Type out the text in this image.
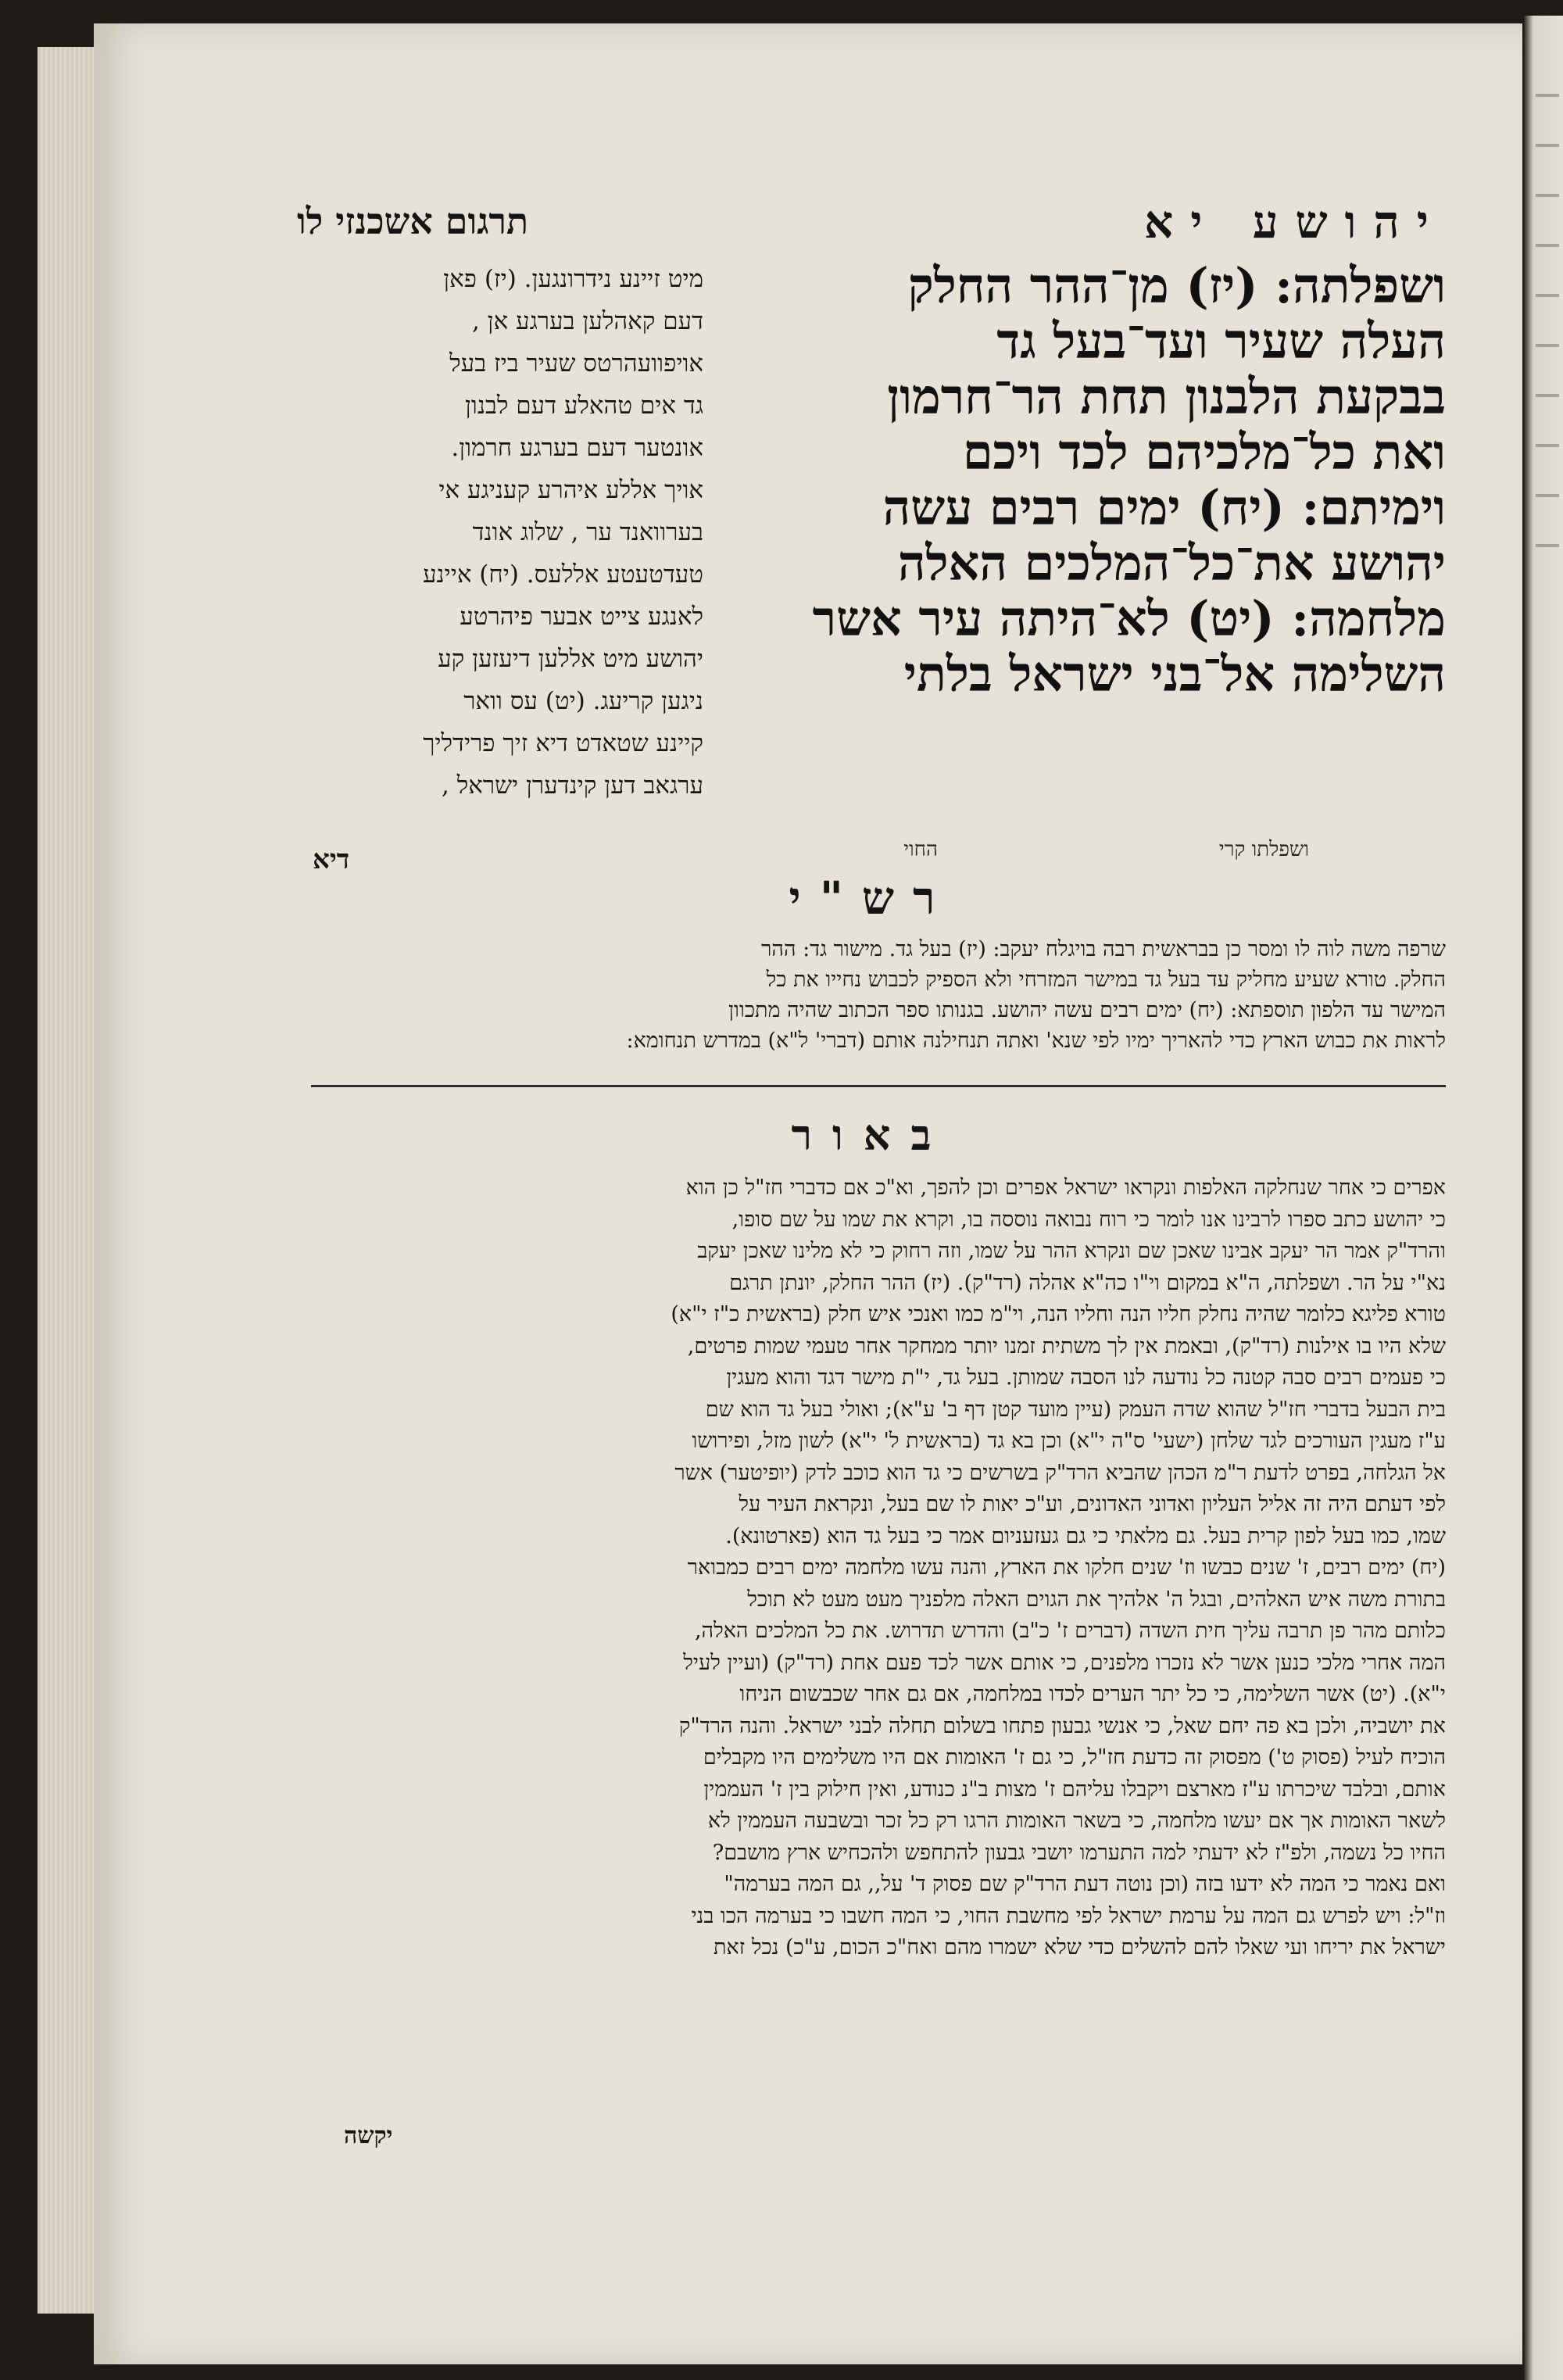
יהושע יא
תרגום אשכנזי לו
ושפלתה: (יז) מן־ההר החלק
העלה שעיר ועד־בעל גד
בבקעת הלבנון תחת הר־חרמון
ואת כל־מלכיהם לכד ויכם
וימיתם: (יח) ימים רבים עשה
יהושע את־כל־המלכים האלה
מלחמה: (יט) לא־היתה עיר אשר
השלימה אל־בני ישראל בלתי
מיט זיינע נידרונגען. (יז) פאן
דעם קאהלען בערגע אן ,
אויפוועהרטס שעיר ביז בעל
גד אים טהאלע דעם לבנון
אונטער דעם בערגע חרמון.
אויך אללע איהרע קעניגע אי
בערוואנד ער , שלוג אונד
טעדטעטע אללעס. (יח) איינע
לאנגע צייט אבער פיהרטע
יהושע מיט אללען דיעזען קע
ניגען קריעג. (יט) עס וואר
קיינע שטאדט דיא זיך פרידליך
ערגאב דען קינדערן ישראל ,
דיא	ושפלתו קרי
החוי
רש"י
שרפה משה לוה לו ומסר כן בבראשית רבה בויגלח יעקב: (יז) בעל גד. מישור גד: ההר
החלק. טורא שעיע מחליק עד בעל גד במישר המזרחי ולא הספיק לכבוש נחייו את כל
המישר עד הלפון תוספתא: (יח) ימים רבים עשה יהושע. בגנותו ספר הכתוב שהיה מתכוון
לראות את כבוש הארץ כדי להאריך ימיו לפי שנא' ואתה תנחילנה אותם (דברי' ל"א) במדרש תנחומא:
באור
אפרים כי אחר שנחלקה האלפות ונקראו ישראל אפרים וכן להפך, וא"כ אם כדברי חז"ל כן הוא
כי יהושע כתב ספרו לרבינו אנו לומר כי רוח נבואה נוססה בו, וקרא את שמו על שם סופו,
והרד"ק אמר הר יעקב אבינו שאכן שם ונקרא ההר על שמו, וזה רחוק כי לא מלינו שאכן יעקב
נא"י על הר. ושפלתה, ה"א במקום וי"ו כה"א אהלה (רד"ק). (יז) ההר החלק, יונתן תרגם
טורא פליגא כלומר שהיה נחלק חליו הנה וחליו הנה, וי"מ כמו ואנכי איש חלק (בראשית כ"ז י"א)
שלא היו בו אילנות (רד"ק), ובאמת אין לך משתית זמנו יותר ממחקר אחר טעמי שמות פרטים,
כי פעמים רבים סבה קטנה כל נודעה לנו הסבה שמותן. בעל גד, י"ת מישר דגד והוא מעגין
בית הבעל בדברי חז"ל שהוא שדה העמק (עיין מועד קטן דף ב' ע"א); ואולי בעל גד הוא שם
ע"ז מעגין העורכים לגד שלחן (ישעי' ס"ה י"א) וכן בא גד (בראשית ל' י"א) לשון מזל, ופירושו
אל הגלחה, בפרט לדעת ר"מ הכהן שהביא הרד"ק בשרשים כי גד הוא כוכב לדק (יופיטער) אשר
לפי דעתם היה זה אליל העליון ואדוני האדונים, וע"כ יאות לו שם בעל, ונקראת העיר על
שמו, כמו בעל לפון קרית בעל. גם מלאתי כי גם געזעניום אמר כי בעל גד הוא (פארטונא).
(יח) ימים רבים, ז' שנים כבשו וז' שנים חלקו את הארץ, והנה עשו מלחמה ימים רבים כמבואר
בתורת משה איש האלהים, ובגל ה' אלהיך את הגוים האלה מלפניך מעט מעט לא תוכל
כלותם מהר פן תרבה עליך חית השדה (דברים ז' כ"ב) והדרש תדרוש. את כל המלכים האלה,
המה אחרי מלכי כנען אשר לא נזכרו מלפנים, כי אותם אשר לכד פעם אחת (רד"ק) (ועיין לעיל
י"א). (יט) אשר השלימה, כי כל יתר הערים לכדו במלחמה, אם גם אחר שכבשום הניחו
את יושביה, ולכן בא פה יחם שאל, כי אנשי גבעון פתחו בשלום תחלה לבני ישראל. והנה הרד"ק
הוכיח לעיל (פסוק ט') מפסוק זה כדעת חז"ל, כי גם ז' האומות אם היו משלימים היו מקבלים
אותם, ובלבד שיכרתו ע"ז מארצם ויקבלו עליהם ז' מצות ב"נ כנודע, ואין חילוק בין ז' העממין
לשאר האומות אך אם יעשו מלחמה, כי בשאר האומות הרגו רק כל זכר ובשבעה העממין לא
החיו כל נשמה, ולפ"ז לא ידעתי למה התערמו יושבי גבעון להתחפש ולהכחיש ארץ מושבם?
ואם נאמר כי המה לא ידעו בזה (וכן נוטה דעת הרד"ק שם פסוק ד' על,, גם המה בערמה"
וז"ל: ויש לפרש גם המה על ערמת ישראל לפי מחשבת החוי, כי המה חשבו כי בערמה הכו בני
ישראל את יריחו ועי שאלו להם להשלים כדי שלא ישמרו מהם ואח"כ הכום, ע"כ) נכל זאת
יקשה
